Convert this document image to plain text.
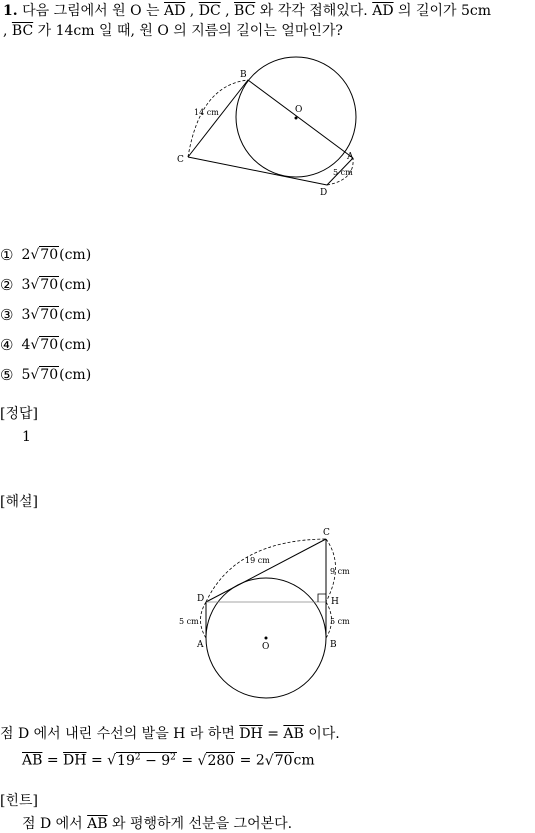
1. 다음 그림에서 원 O 는 $\overline{AD}$ , $\overline{DC}$ , $\overline{BC}$ 와 각각 접해있다. $\overline{AD}$ 의 길이가 5cm
, $\overline{BC}$ 가 14cm 일 때, 원 O 의 지름의 길이는 얼마인가?
B
O
C	A
D
14 cm
5 cm
① 2√70(cm)
② 3√70(cm)
③ 3√70(cm)
④ 4√70(cm)
⑤ 5√70(cm)
[정답]
1
[해설]
C
D	H
A	B
O
19 cm
9 cm
5 cm
5 cm
점 D 에서 내린 수선의 발을 H 라 하면 $\overline{DH} = \overline{AB}$ 이다.
$\overline{AB} = \overline{DH} = √19^2 - 9^2 = √280 = 2√70cm$
[힌트]
점 D 에서 $\overline{AB}$ 와 평행하게 선분을 그어본다.
